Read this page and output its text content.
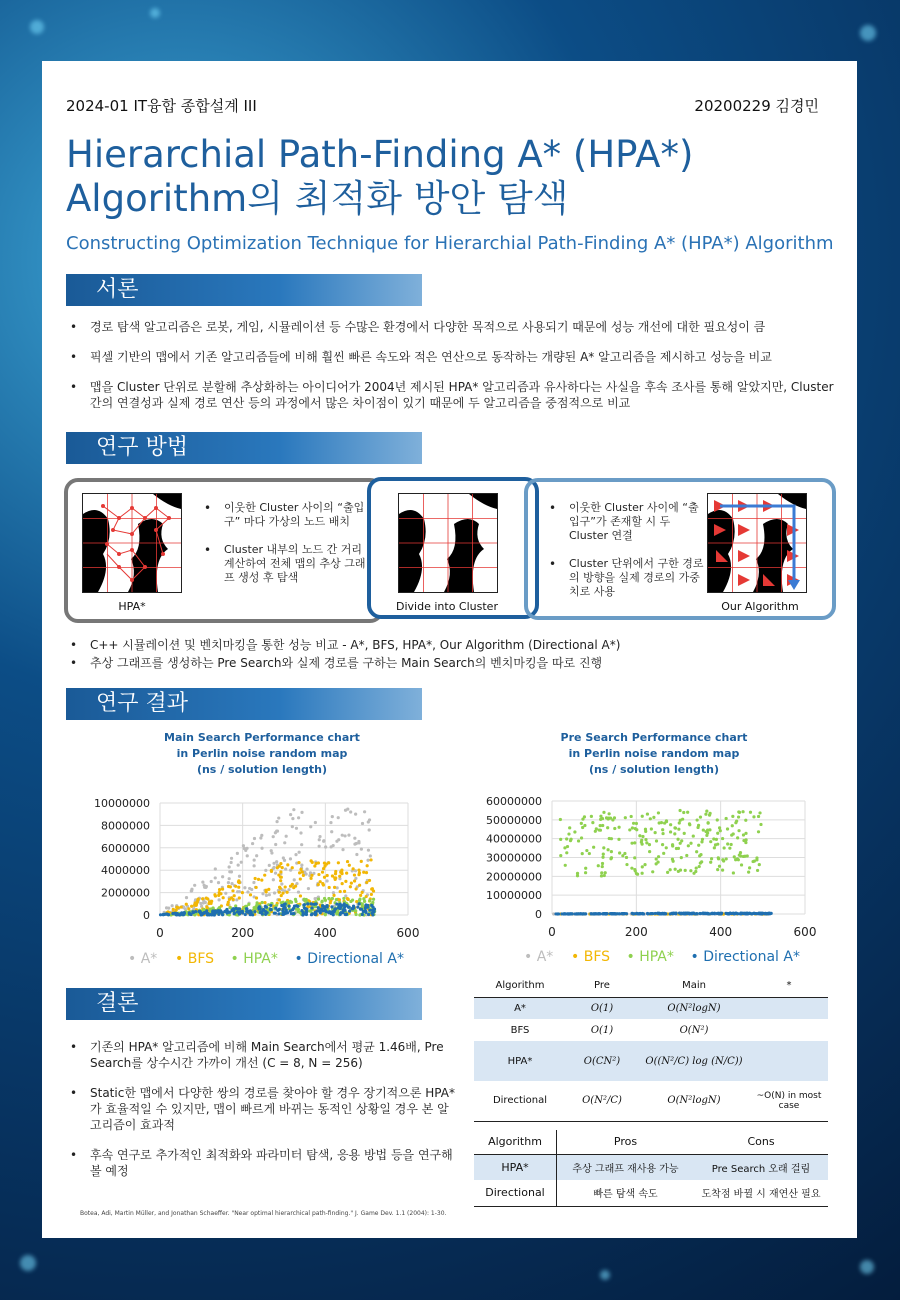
2024-01 IT융합 종합설계 III	20200229 김경민
Hierarchial Path-Finding A* (HPA*)
Algorithm의 최적화 방안 탐색
Constructing Optimization Technique for Hierarchial Path-Finding A* (HPA*) Algorithm
서론
• 경로 탐색 알고리즘은 로봇, 게임, 시뮬레이션 등 수많은 환경에서 다양한 목적으로 사용되기 때문에 성능 개선에 대한 필요성이 큼
• 픽셀 기반의 맵에서 기존 알고리즘들에 비해 훨씬 빠른 속도와 적은 연산으로 동작하는 개량된 A* 알고리즘을 제시하고 성능을 비교
• 맵을 Cluster 단위로 분할해 추상화하는 아이디어가 2004년 제시된 HPA* 알고리즘과 유사하다는 사실을 후속 조사를 통해 알았지만, Cluster간의 연결성과 실제 경로 연산 등의 과정에서 많은 차이점이 있기 때문에 두 알고리즘을 중점적으로 비교
연구 방법
HPA*
• 이웃한 Cluster 사이의 “출입구” 마다 가상의 노드 배치
• Cluster 내부의 노드 간 거리 계산하여 전체 맵의 추상 그래프 생성 후 탐색
Divide into Cluster
• 이웃한 Cluster 사이에 “출입구”가 존재할 시 두 Cluster 연결
• Cluster 단위에서 구한 경로의 방향을 실제 경로의 가중치로 사용
Our Algorithm
• C++ 시뮬레이션 및 벤치마킹을 통한 성능 비교 - A*, BFS, HPA*, Our Algorithm (Directional A*)
• 추상 그래프를 생성하는 Pre Search와 실제 경로를 구하는 Main Search의 벤치마킹을 따로 진행
연구 결과
Main Search Performance chart
in Perlin noise random map
(ns / solution length)
0
2000000
4000000
6000000
8000000
10000000
0	200	400	600
• A* • BFS • HPA* • Directional A*
Pre Search Performance chart
in Perlin noise random map
(ns / solution length)
0
10000000
20000000
30000000
40000000
50000000
60000000
0	200	400	600
• A* • BFS • HPA* • Directional A*
결론
• 기존의 HPA* 알고리즘에 비해 Main Search에서 평균 1.46배, Pre Search를 상수시간 가까이 개선 (C = 8, N = 256)
• Static한 맵에서 다양한 쌍의 경로를 찾아야 할 경우 장기적으론 HPA*가 효율적일 수 있지만, 맵이 빠르게 바뀌는 동적인 상황일 경우 본 알고리즘이 효과적
• 후속 연구로 추가적인 최적화와 파라미터 탐색, 응용 방법 등을 연구해 볼 예정
Botea, Adi, Martin Müller, and Jonathan Schaeffer. "Near optimal hierarchical path-finding." J. Game Dev. 1.1 (2004): 1-30.
Algorithm	Pre	Main	*
A*	O(1)	O(N²logN)	
BFS	O(1)	O(N²)	
HPA*	O(CN²)	O((N²/C) log (N/C))	
Directional	O(N²/C)	O(N²logN)	~O(N) in most case
Algorithm	Pros	Cons
HPA*	추상 그래프 재사용 가능	Pre Search 오래 걸림
Directional	빠른 탐색 속도	도착점 바뀔 시 재연산 필요
